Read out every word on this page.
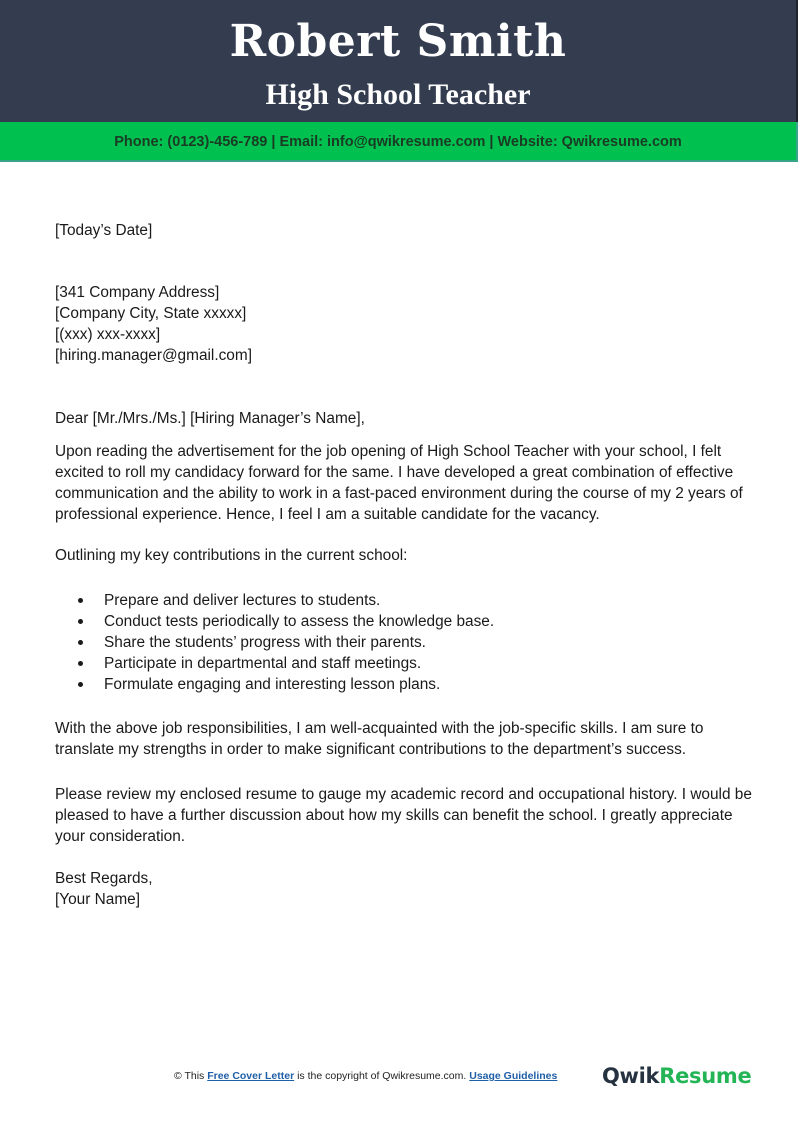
Robert Smith
High School Teacher
Phone: (0123)-456-789 | Email: info@qwikresume.com | Website: Qwikresume.com
[Today’s Date]
[341 Company Address]
[Company City, State xxxxx]
[(xxx) xxx-xxxx]
[hiring.manager@gmail.com]
Dear [Mr./Mrs./Ms.] [Hiring Manager’s Name],

Upon reading the advertisement for the job opening of High School Teacher with your school, I felt excited to roll my candidacy forward for the same. I have developed a great combination of effective communication and the ability to work in a fast-paced environment during the course of my 2 years of professional experience. Hence, I feel I am a suitable candidate for the vacancy.

Outlining my key contributions in the current school:
Prepare and deliver lectures to students.
Conduct tests periodically to assess the knowledge base.
Share the students’ progress with their parents.
Participate in departmental and staff meetings.
Formulate engaging and interesting lesson plans.

With the above job responsibilities, I am well-acquainted with the job-specific skills. I am sure to translate my strengths in order to make significant contributions to the department’s success.

Please review my enclosed resume to gauge my academic record and occupational history. I would be pleased to have a further discussion about how my skills can benefit the school. I greatly appreciate your consideration.

Best Regards,
[Your Name]
© This Free Cover Letter is the copyright of Qwikresume.com. Usage Guidelines QwikResume
